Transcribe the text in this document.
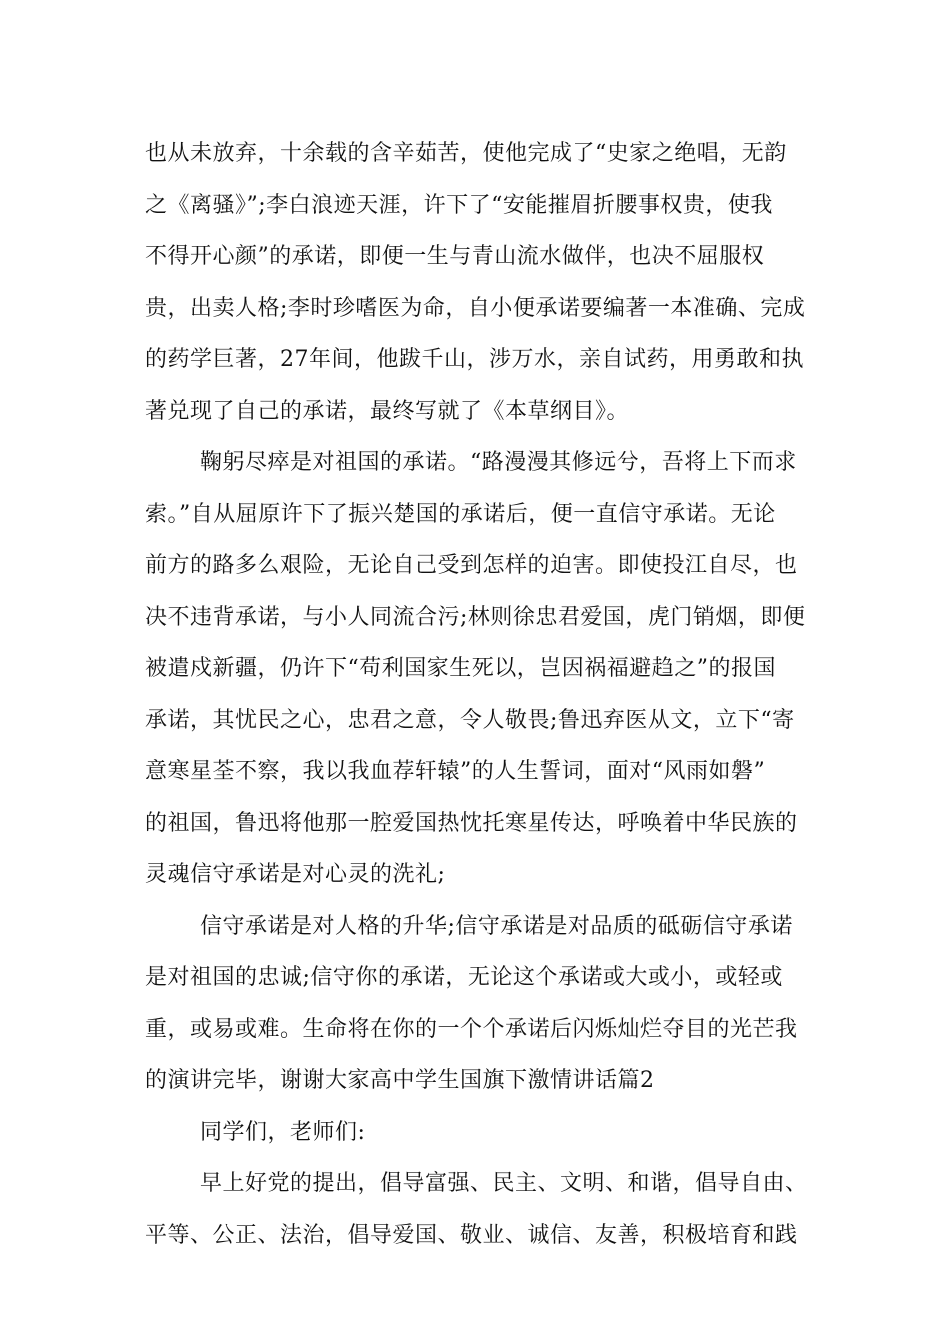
也从未放弃，十余载的含辛茹苦，使他完成了“史家之绝唱，无韵
之《离骚》”;李白浪迹天涯，许下了“安能摧眉折腰事权贵，使我
不得开心颜”的承诺，即便一生与青山流水做伴，也决不屈服权
贵，出卖人格;李时珍嗜医为命，自小便承诺要编著一本准确、完成
的药学巨著，27年间，他跋千山，涉万水，亲自试药，用勇敢和执
著兑现了自己的承诺，最终写就了《本草纲目》。
鞠躬尽瘁是对祖国的承诺。“路漫漫其修远兮，吾将上下而求
索。”自从屈原许下了振兴楚国的承诺后，便一直信守承诺。无论
前方的路多么艰险，无论自己受到怎样的迫害。即使投江自尽，也
决不违背承诺，与小人同流合污;林则徐忠君爱国，虎门销烟，即便
被遣戍新疆，仍许下“苟利国家生死以，岂因祸福避趋之”的报国
承诺，其忧民之心，忠君之意，令人敬畏;鲁迅弃医从文，立下“寄
意寒星荃不察，我以我血荐轩辕”的人生誓词，面对“风雨如磐”
的祖国，鲁迅将他那一腔爱国热忱托寒星传达，呼唤着中华民族的
灵魂信守承诺是对心灵的洗礼;
信守承诺是对人格的升华;信守承诺是对品质的砥砺信守承诺
是对祖国的忠诚;信守你的承诺，无论这个承诺或大或小，或轻或
重，或易或难。生命将在你的一个个承诺后闪烁灿烂夺目的光芒我
的演讲完毕，谢谢大家高中学生国旗下激情讲话篇2
同学们，老师们:
早上好党的提出，倡导富强、民主、文明、和谐，倡导自由、
平等、公正、法治，倡导爱国、敬业、诚信、友善，积极培育和践
